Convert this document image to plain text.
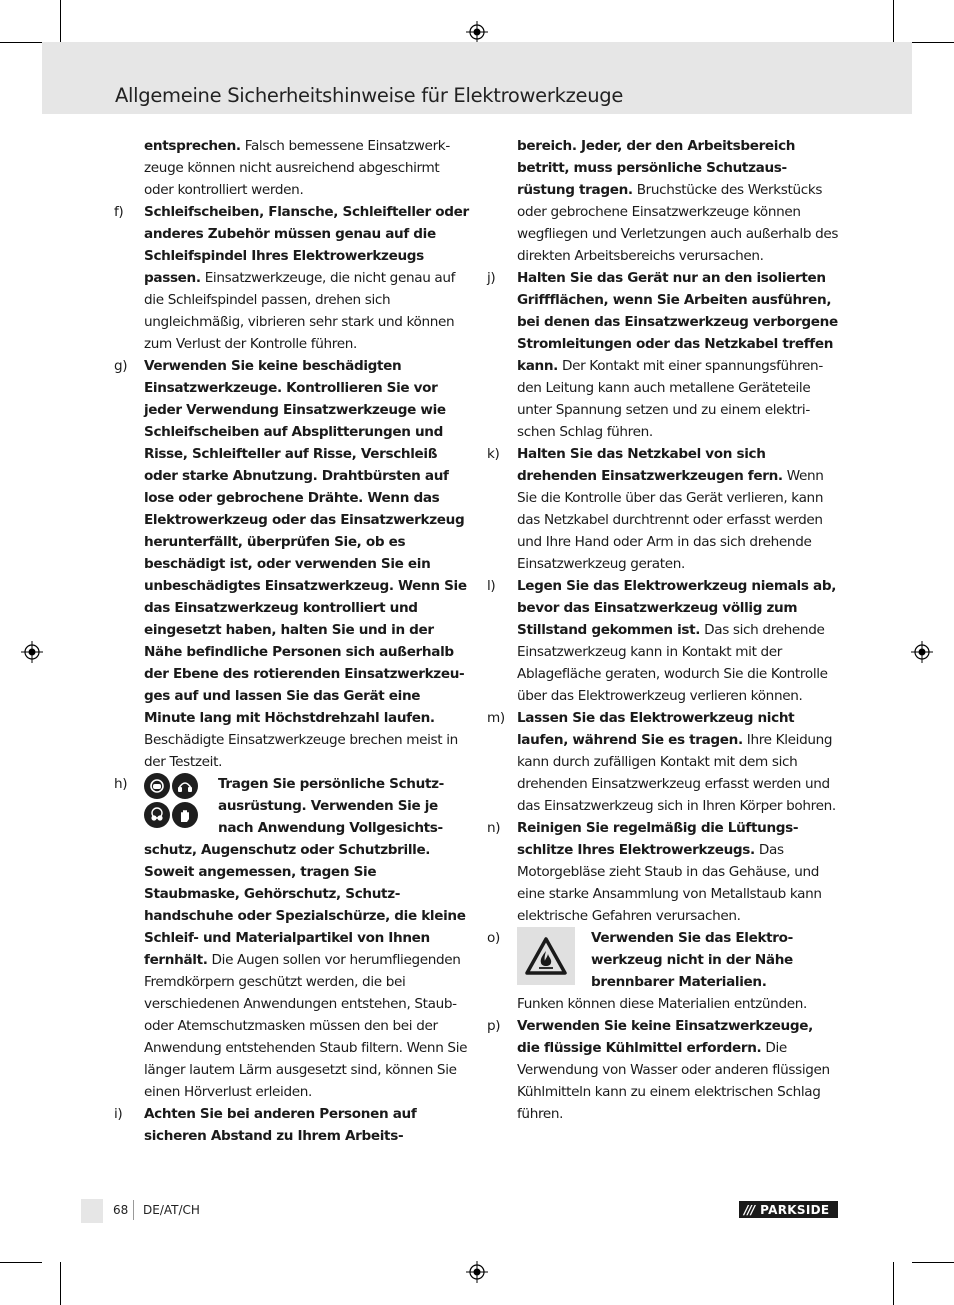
Allgemeine Sicherheitshinweise für Elektrowerkzeuge
entsprechen. Falsch bemessene Einsatzwerkzeuge können nicht ausreichend abgeschirmt oder kontrolliert werden.
f) Schleifscheiben, Flansche, Schleifteller oder anderes Zubehör müssen genau auf die Schleifspindel Ihres Elektrowerkzeugs passen. Einsatzwerkzeuge, die nicht genau auf die Schleifspindel passen, drehen sich ungleichmäßig, vibrieren sehr stark und können zum Verlust der Kontrolle führen.
g) Verwenden Sie keine beschädigten Einsatzwerkzeuge. Kontrollieren Sie vor jeder Verwendung Einsatzwerkzeuge wie Schleifscheiben auf Absplitterungen und Risse, Schleifteller auf Risse, Verschleiß oder starke Abnutzung. Drahtbürsten auf lose oder gebrochene Drähte. Wenn das Elektrowerkzeug oder das Einsatzwerkzeug herunterfällt, überprüfen Sie, ob es beschädigt ist, oder verwenden Sie ein unbeschädigtes Einsatzwerkzeug. Wenn Sie das Einsatzwerkzeug kontrolliert und eingesetzt haben, halten Sie und in der Nähe befindliche Personen sich außerhalb der Ebene des rotierenden Einsatzwerkzeuges auf und lassen Sie das Gerät eine Minute lang mit Höchstdrehzahl laufen. Beschädigte Einsatzwerkzeuge brechen meist in der Testzeit.
h)	Tragen Sie persönliche Schutzausrüstung. Verwenden Sie je nach Anwendung Vollgesichtsschutz, Augenschutz oder Schutzbrille. Soweit angemessen, tragen Sie Staubmaske, Gehörschutz, Schutzhandschuhe oder Spezialschürze, die kleine Schleif- und Materialpartikel von Ihnen fernhält. Die Augen sollen vor herumfliegenden Fremdkörpern geschützt werden, die bei verschiedenen Anwendungen entstehen, Staub- oder Atemschutzmasken müssen den bei der Anwendung entstehenden Staub filtern. Wenn Sie länger lautem Lärm ausgesetzt sind, können Sie einen Hörverlust erleiden.
i) Achten Sie bei anderen Personen auf sicheren Abstand zu Ihrem Arbeits-
bereich. Jeder, der den Arbeitsbereich betritt, muss persönliche Schutzausrüstung tragen. Bruchstücke des Werkstücks oder gebrochene Einsatzwerkzeuge können wegfliegen und Verletzungen auch außerhalb des direkten Arbeitsbereichs verursachen.
j) Halten Sie das Gerät nur an den isolierten Griffflächen, wenn Sie Arbeiten ausführen, bei denen das Einsatzwerkzeug verborgene Stromleitungen oder das Netzkabel treffen kann. Der Kontakt mit einer spannungsführenden Leitung kann auch metallene Geräteteile unter Spannung setzen und zu einem elektrischen Schlag führen.
k) Halten Sie das Netzkabel von sich drehenden Einsatzwerkzeugen fern. Wenn Sie die Kontrolle über das Gerät verlieren, kann das Netzkabel durchtrennt oder erfasst werden und Ihre Hand oder Arm in das sich drehende Einsatzwerkzeug geraten.
l) Legen Sie das Elektrowerkzeug niemals ab, bevor das Einsatzwerkzeug völlig zum Stillstand gekommen ist. Das sich drehende Einsatzwerkzeug kann in Kontakt mit der Ablagefläche geraten, wodurch Sie die Kontrolle über das Elektrowerkzeug verlieren können.
m) Lassen Sie das Elektrowerkzeug nicht laufen, während Sie es tragen. Ihre Kleidung kann durch zufälligen Kontakt mit dem sich drehenden Einsatzwerkzeug erfasst werden und das Einsatzwerkzeug sich in Ihren Körper bohren.
n) Reinigen Sie regelmäßig die Lüftungsschlitze Ihres Elektrowerkzeugs. Das Motorgebläse zieht Staub in das Gehäuse, und eine starke Ansammlung von Metallstaub kann elektrische Gefahren verursachen.
o)	Verwenden Sie das Elektrowerkzeug nicht in der Nähe brennbarer Materialien.
Funken können diese Materialien entzünden.
p) Verwenden Sie keine Einsatzwerkzeuge, die flüssige Kühlmittel erfordern. Die Verwendung von Wasser oder anderen flüssigen Kühlmitteln kann zu einem elektrischen Schlag führen.
68 DE/AT/CH	/// PARKSIDE
